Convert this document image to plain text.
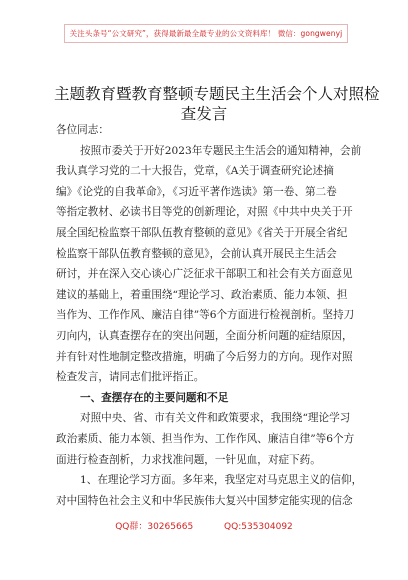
关注头条号“公文研究”，获得最新最全最专业的公文资料库！ 微信：gongwenyj
主题教育暨教育整顿专题民主生活会个人对照检
查发言

各位同志：

按照市委关于开好2023年专题民主生活会的通知精神，会前

我认真学习党的二十大报告，党章，《A关于调查研究论述摘

编》《论党的自我革命》，《习近平著作选读》第一卷、第二卷

等指定教材、必读书目等党的创新理论，对照《中共中央关于开

展全国纪检监察干部队伍教育整顿的意见》《省关于开展全省纪

检监察干部队伍教育整顿的意见》，会前认真开展民主生活会

研讨，并在深入交心谈心广泛征求干部职工和社会有关方面意见

建议的基础上，着重围绕“理论学习、政治素质、能力本领、担

当作为、工作作风、廉洁自律”等6个方面进行检视剖析。坚持刀

刃向内，认真查摆存在的突出问题，全面分析问题的症结原因，

并有针对性地制定整改措施，明确了今后努力的方向。现作对照

检查发言，请同志们批评指正。

一、查摆存在的主要问题和不足

对照中央、省、市有关文件和政策要求，我围绕“理论学习

政治素质、能力本领、担当作为、工作作风、廉洁自律”等6个方

面进行检查剖析，力求找准问题，一针见血，对症下药。

1、在理论学习方面。多年来，我坚定对马克思主义的信仰，

对中国特色社会主义和中华民族伟大复兴中国梦定能实现的信念

QQ群：30265665	QQ:535304092
